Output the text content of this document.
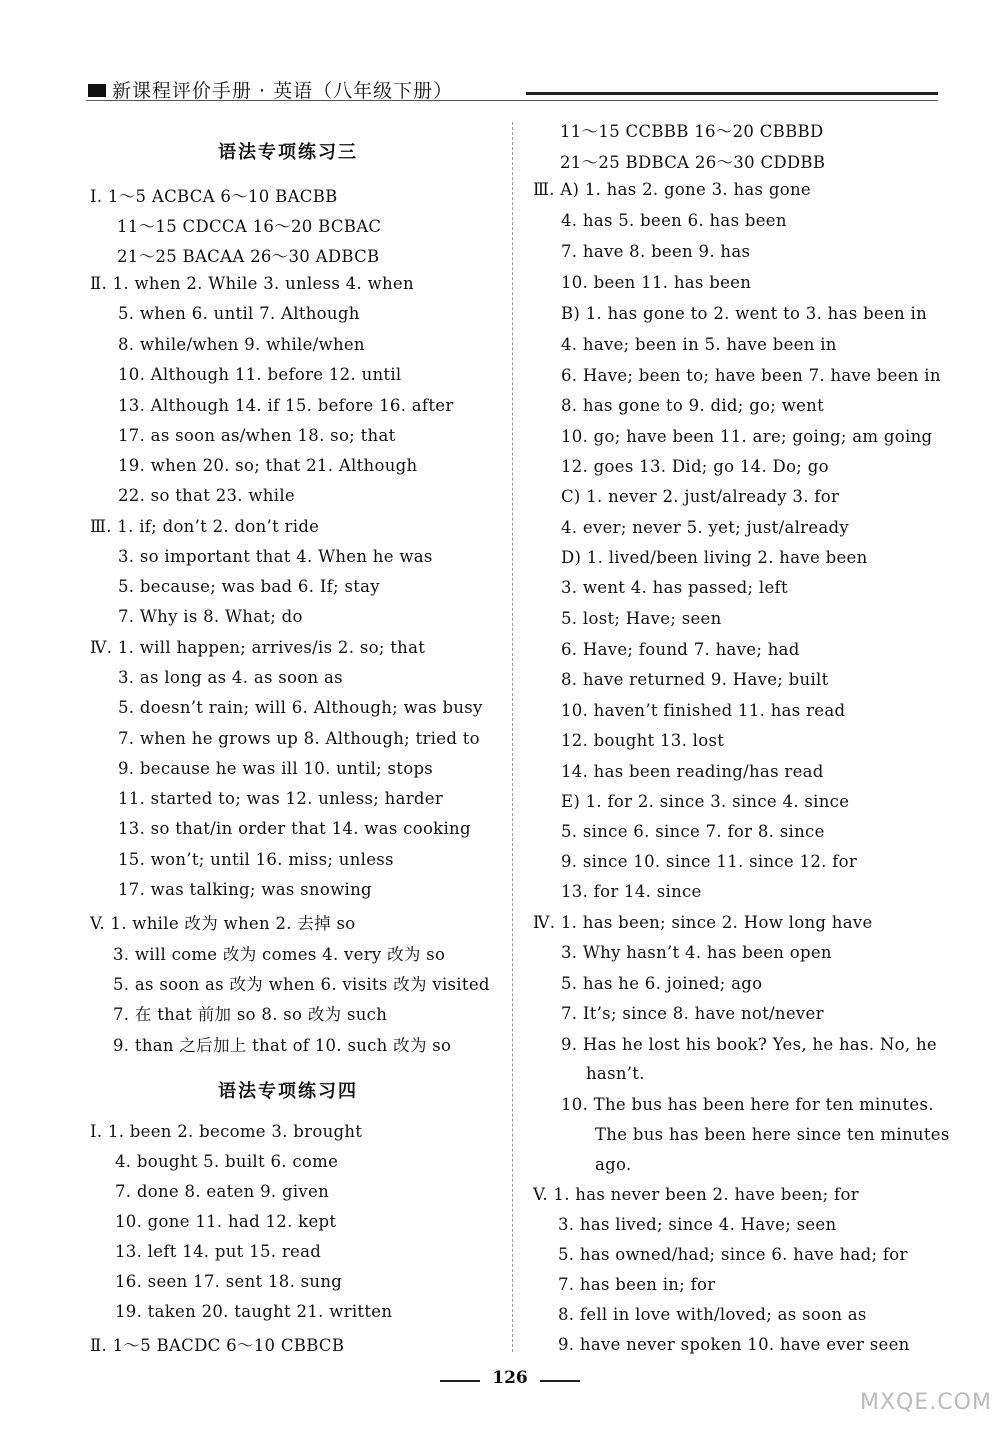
新课程评价手册 · 英语（八年级下册）
语法专项练习三
Ⅰ. 1～5 ACBCA 6～10 BACBB
11～15 CDCCA 16～20 BCBAC
21～25 BACAA 26～30 ADBCB
Ⅱ. 1. when 2. While 3. unless 4. when
5. when 6. until 7. Although
8. while/when 9. while/when
10. Although 11. before 12. until
13. Although 14. if 15. before 16. after
17. as soon as/when 18. so; that
19. when 20. so; that 21. Although
22. so that 23. while
Ⅲ. 1. if; don’t 2. don’t ride
3. so important that 4. When he was
5. because; was bad 6. If; stay
7. Why is 8. What; do
Ⅳ. 1. will happen; arrives/is 2. so; that
3. as long as 4. as soon as
5. doesn’t rain; will 6. Although; was busy
7. when he grows up 8. Although; tried to
9. because he was ill 10. until; stops
11. started to; was 12. unless; harder
13. so that/in order that 14. was cooking
15. won’t; until 16. miss; unless
17. was talking; was snowing
V. 1. while 改为 when 2. 去掉 so
3. will come 改为 comes 4. very 改为 so
5. as soon as 改为 when 6. visits 改为 visited
7. 在 that 前加 so 8. so 改为 such
9. than 之后加上 that of 10. such 改为 so
语法专项练习四
Ⅰ. 1. been 2. become 3. brought
4. bought 5. built 6. come
7. done 8. eaten 9. given
10. gone 11. had 12. kept
13. left 14. put 15. read
16. seen 17. sent 18. sung
19. taken 20. taught 21. written
Ⅱ. 1～5 BACDC 6～10 CBBCB
11～15 CCBBB 16～20 CBBBD
21～25 BDBCA 26～30 CDDBB
Ⅲ. A) 1. has 2. gone 3. has gone
4. has 5. been 6. has been
7. have 8. been 9. has
10. been 11. has been
B) 1. has gone to 2. went to 3. has been in
4. have; been in 5. have been in
6. Have; been to; have been 7. have been in
8. has gone to 9. did; go; went
10. go; have been 11. are; going; am going
12. goes 13. Did; go 14. Do; go
C) 1. never 2. just/already 3. for
4. ever; never 5. yet; just/already
D) 1. lived/been living 2. have been
3. went 4. has passed; left
5. lost; Have; seen
6. Have; found 7. have; had
8. have returned 9. Have; built
10. haven’t finished 11. has read
12. bought 13. lost
14. has been reading/has read
E) 1. for 2. since 3. since 4. since
5. since 6. since 7. for 8. since
9. since 10. since 11. since 12. for
13. for 14. since
Ⅳ. 1. has been; since 2. How long have
3. Why hasn’t 4. has been open
5. has he 6. joined; ago
7. It’s; since 8. have not/never
9. Has he lost his book? Yes, he has. No, he
hasn’t.
10. The bus has been here for ten minutes.
The bus has been here since ten minutes
ago.
V. 1. has never been 2. have been; for
3. has lived; since 4. Have; seen
5. has owned/had; since 6. have had; for
7. has been in; for
8. fell in love with/loved; as soon as
9. have never spoken 10. have ever seen
126
MXQE.COM
